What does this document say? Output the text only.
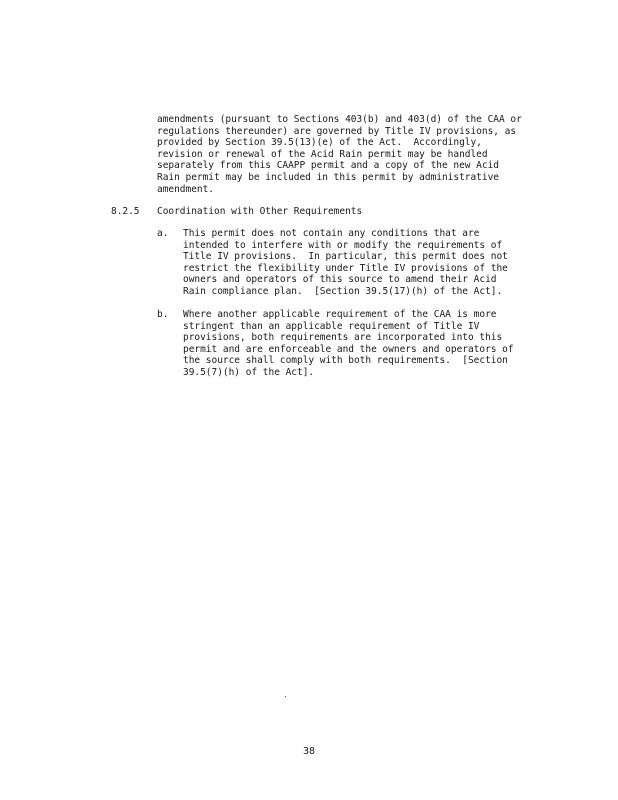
amendments (pursuant to Sections 403(b) and 403(d) of the CAA or
regulations thereunder) are governed by Title IV provisions, as
provided by Section 39.5(13)(e) of the Act.  Accordingly,
revision or renewal of the Acid Rain permit may be handled
separately from this CAAPP permit and a copy of the new Acid
Rain permit may be included in this permit by administrative
amendment.
8.2.5 Coordination with Other Requirements
a. This permit does not contain any conditions that are
intended to interfere with or modify the requirements of
Title IV provisions.  In particular, this permit does not
restrict the flexibility under Title IV provisions of the
owners and operators of this source to amend their Acid
Rain compliance plan.  [Section 39.5(17)(h) of the Act].
b. Where another applicable requirement of the CAA is more
stringent than an applicable requirement of Title IV
provisions, both requirements are incorporated into this
permit and are enforceable and the owners and operators of
the source shall comply with both requirements.  [Section
39.5(7)(h) of the Act].
38
